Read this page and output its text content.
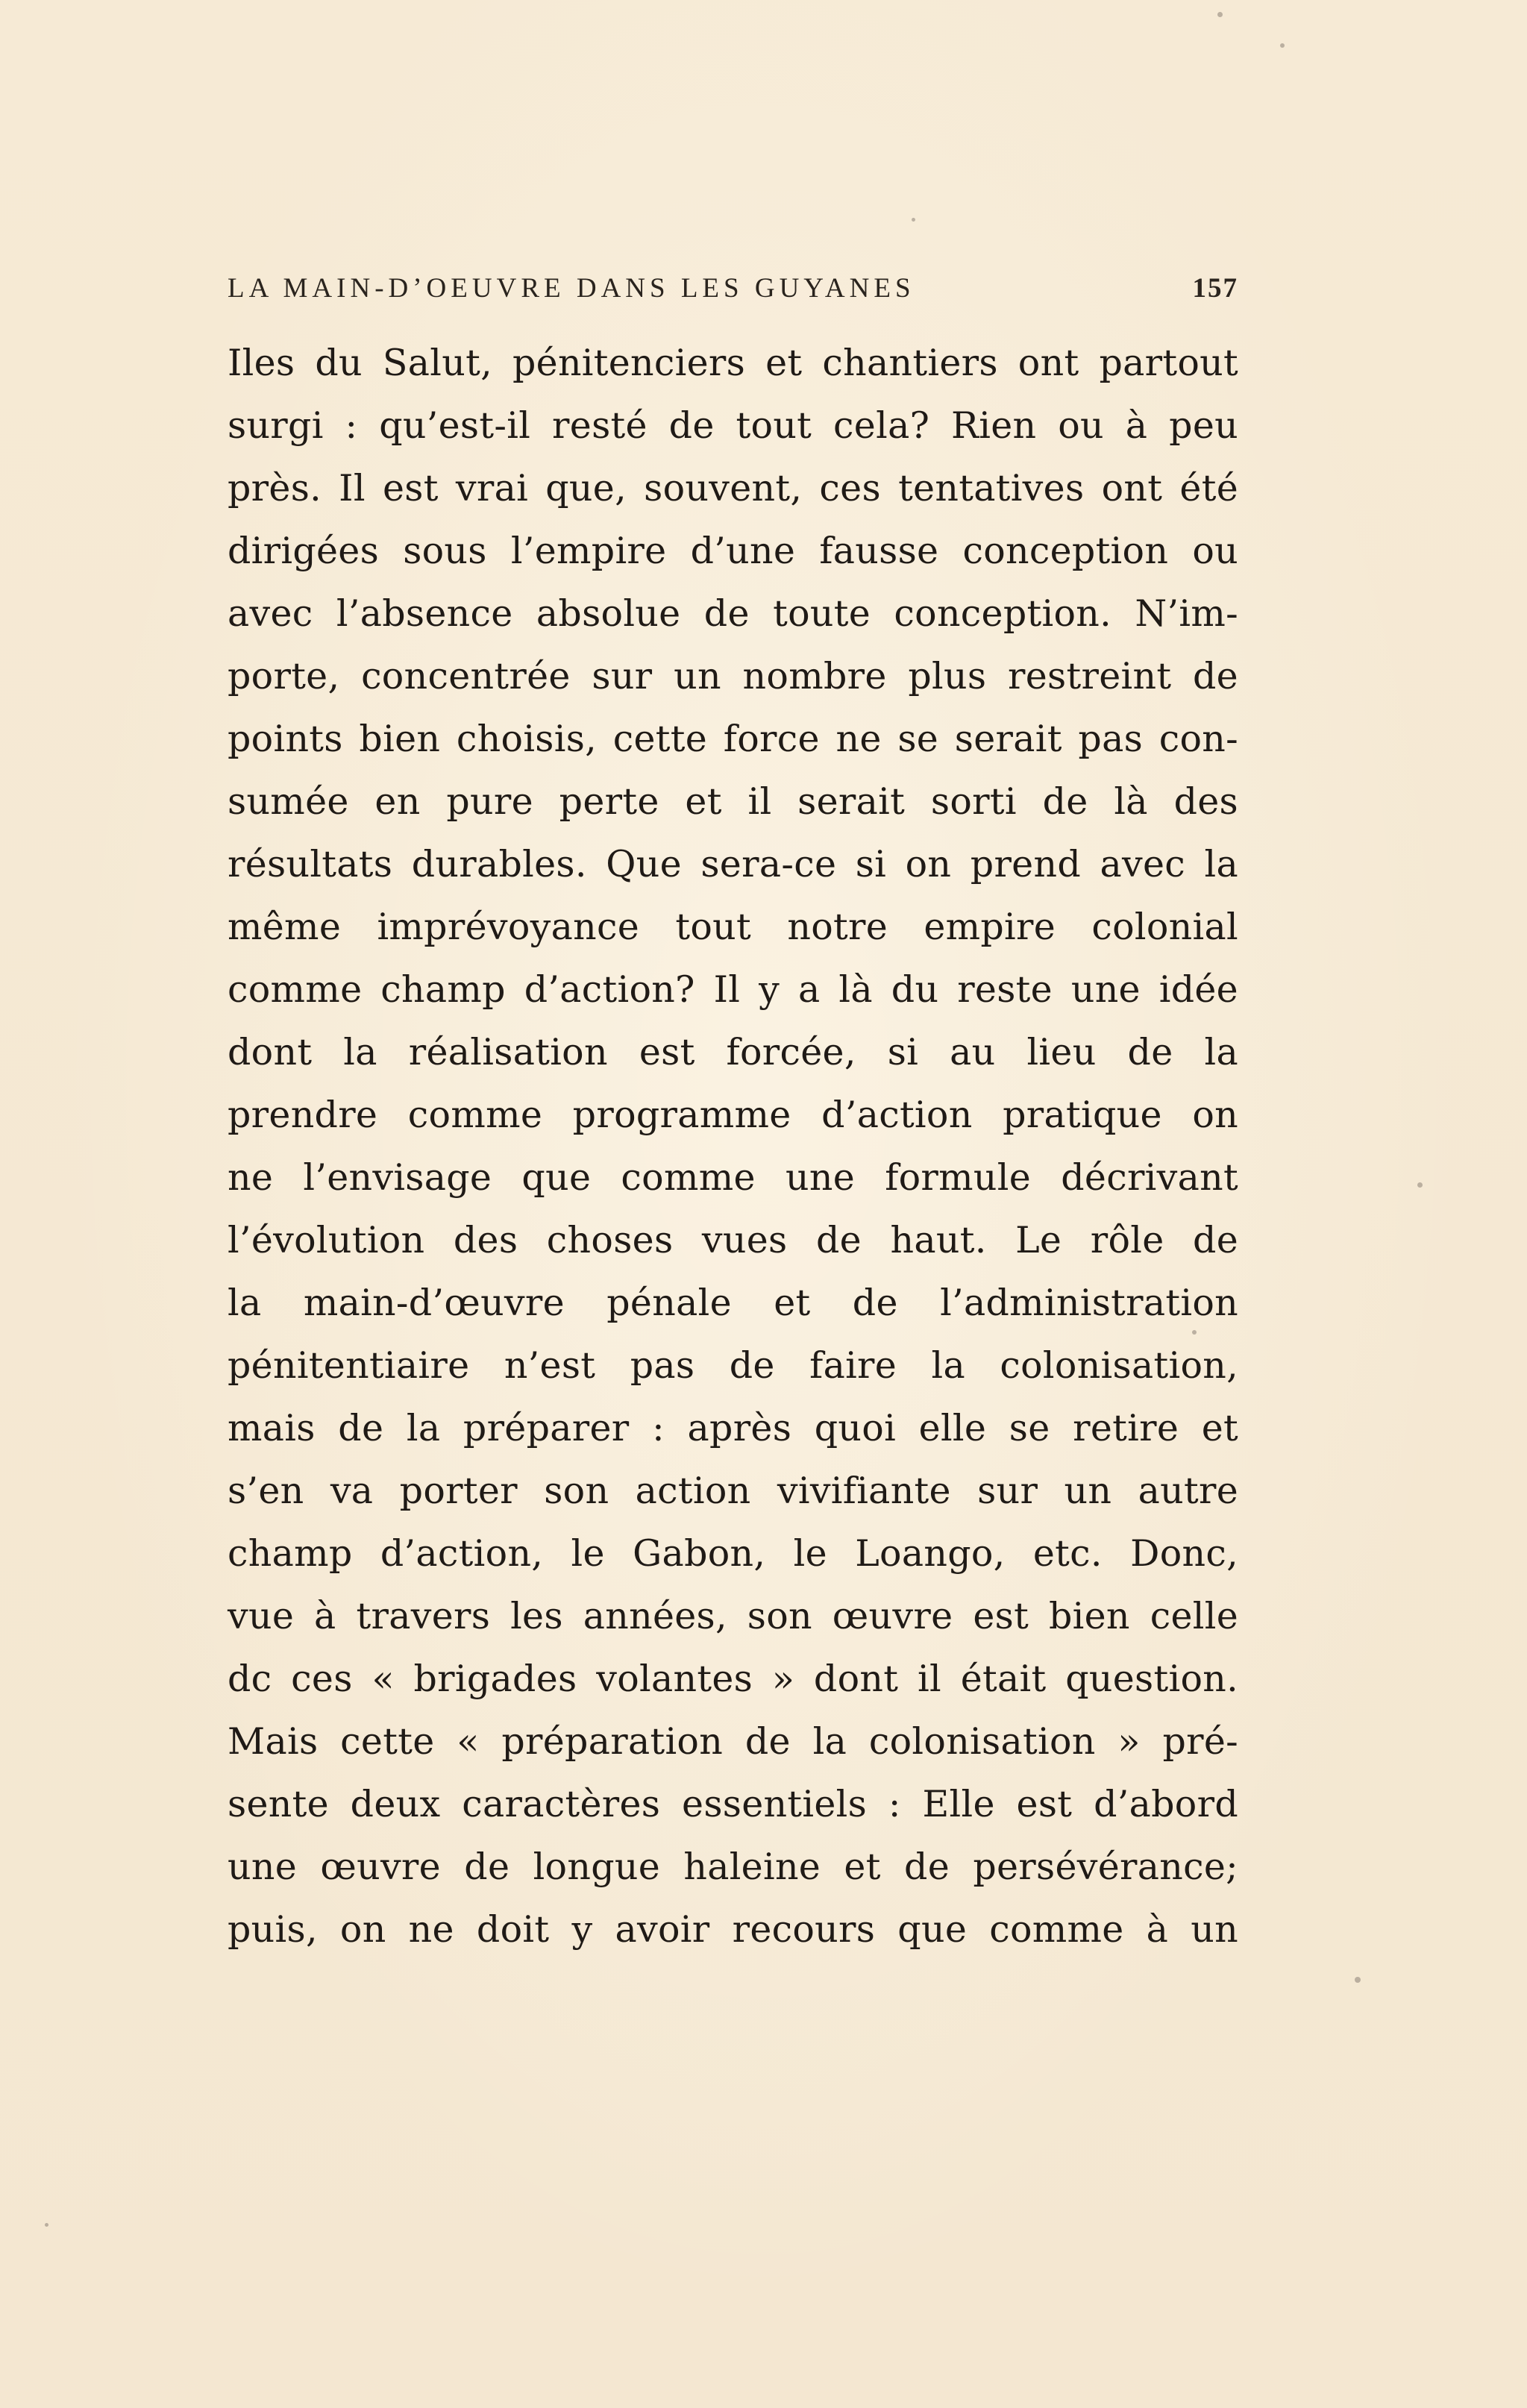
LA MAIN-D’OEUVRE DANS LES GUYANES	157
Iles du Salut, pénitenciers et chantiers ont partout
surgi : qu’est-il resté de tout cela? Rien ou à peu
près. Il est vrai que, souvent, ces tentatives ont été
dirigées sous l’empire d’une fausse conception ou
avec l’absence absolue de toute conception. N’im-
porte, concentrée sur un nombre plus restreint de
points bien choisis, cette force ne se serait pas con-
sumée en pure perte et il serait sorti de là des
résultats durables. Que sera-ce si on prend avec la
même imprévoyance tout notre empire colonial
comme champ d’action? Il y a là du reste une idée
dont la réalisation est forcée, si au lieu de la
prendre comme programme d’action pratique on
ne l’envisage que comme une formule décrivant
l’évolution des choses vues de haut. Le rôle de
la main-d’œuvre pénale et de l’administration
pénitentiaire n’est pas de faire la colonisation,
mais de la préparer : après quoi elle se retire et
s’en va porter son action vivifiante sur un autre
champ d’action, le Gabon, le Loango, etc. Donc,
vue à travers les années, son œuvre est bien celle
dc ces « brigades volantes » dont il était question.
Mais cette « préparation de la colonisation » pré-
sente deux caractères essentiels : Elle est d’abord
une œuvre de longue haleine et de persévérance;
puis, on ne doit y avoir recours que comme à un
